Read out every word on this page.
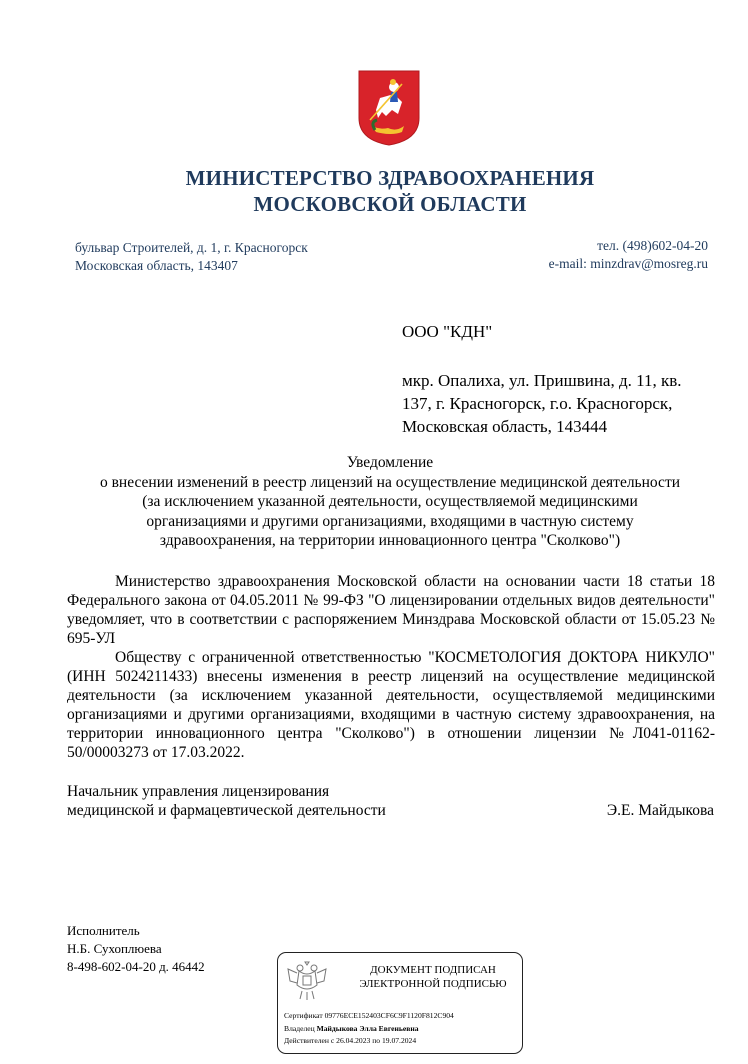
МИНИСТЕРСТВО ЗДРАВООХРАНЕНИЯ
МОСКОВСКОЙ ОБЛАСТИ
бульвар Строителей, д. 1, г. Красногорск
Московская область, 143407
тел. (498)602-04-20
e-mail: minzdrav@mosreg.ru
ООО "КДН"
мкр. Опалиха, ул. Пришвина, д. 11, кв.
137, г. Красногорск, г.о. Красногорск,
Московская область, 143444
Уведомление
о внесении изменений в реестр лицензий на осуществление медицинской деятельности
(за исключением указанной деятельности, осуществляемой медицинскими
организациями и другими организациями, входящими в частную систему
здравоохранения, на территории инновационного центра "Сколково")

Министерство здравоохранения Московской области на основании части 18 статьи 18 Федерального закона от 04.05.2011 № 99-ФЗ "О лицензировании отдельных видов деятельности" уведомляет, что в соответствии с распоряжением Минздрава Московской области от 15.05.23 № 695-УЛ

Обществу с ограниченной ответственностью "КОСМЕТОЛОГИЯ ДОКТОРА НИКУЛО" (ИНН 5024211433) внесены изменения в реестр лицензий на осуществление медицинской деятельности (за исключением указанной деятельности, осуществляемой медицинскими организациями и другими организациями, входящими в частную систему здравоохранения, на территории инновационного центра "Сколково") в отношении лицензии №Л041-01162-50/00003273 от 17.03.2022.

Начальник управления лицензирования
медицинской и фармацевтической деятельности	Э.Е. Майдыкова
Исполнитель
Н.Б. Сухоплюева
8-498-602-04-20 д. 46442	ДОКУМЕНТ ПОДПИСАН
ЭЛЕКТРОННОЙ ПОДПИСЬЮ
Сертификат 09776ECE152403CF6C9F1120F812C904
Владелец Майдыкова Элла Евгеньевна
Действителен с 26.04.2023 по 19.07.2024
